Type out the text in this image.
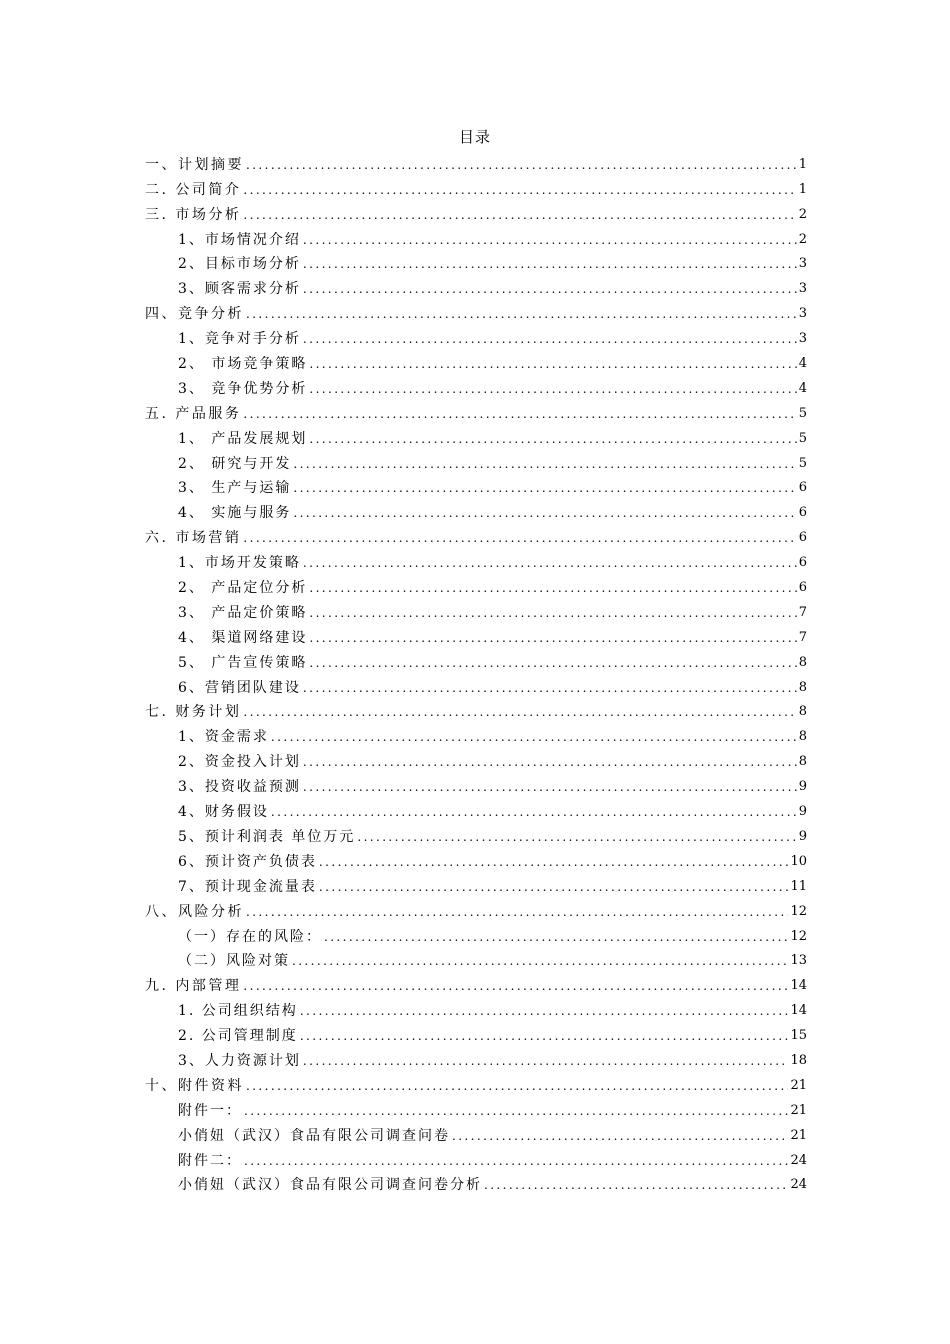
目录
一、计划摘要 .....	1
二. 公司简介 .....	1
三. 市场分析 .....	2
1、市场情况介绍 .....	2
2、目标市场分析 .....	3
3、顾客需求分析 .....	3
四、竞争分析 .....	3
1、竞争对手分析 .....	3
2、 市场竞争策略 .....	4
3、 竞争优势分析 .....	4
五. 产品服务 .....	5
1、 产品发展规划 .....	5
2、 研究与开发 .....	5
3、 生产与运输 .....	6
4、 实施与服务 .....	6
六. 市场营销 .....	6
1、市场开发策略 .....	6
2、 产品定位分析 .....	6
3、 产品定价策略 .....	7
4、 渠道网络建设 .....	7
5、 广告宣传策略 .....	8
6、营销团队建设 .....	8
七. 财务计划 .....	8
1、资金需求 .....	8
2、资金投入计划 .....	8
3、投资收益预测 .....	9
4、财务假设 .....	9
5、预计利润表 单位万元 .....	9
6、预计资产负债表 .....	10
7、预计现金流量表 .....	11
八、风险分析 .....	12
（一）存在的风险： .....	12
（二）风险对策 .....	13
九. 内部管理 .....	14
1. 公司组织结构 .....	14
2. 公司管理制度 .....	15
3、人力资源计划 .....	18
十、附件资料 .....	21
附件一： .....	21
小俏妞（武汉）食品有限公司调查问卷 .....	21
附件二： .....	24
小俏妞（武汉）食品有限公司调查问卷分析 .....	24
